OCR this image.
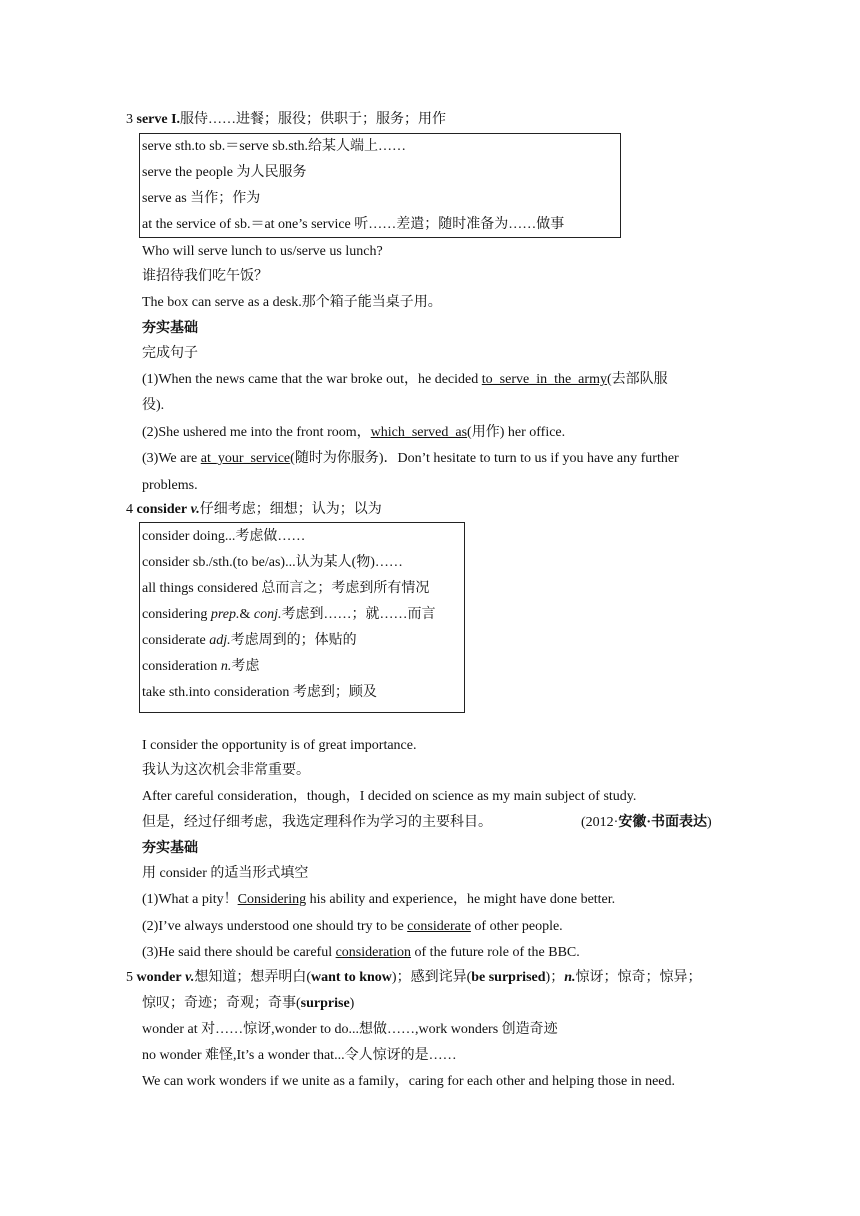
3 serve I.服侍……进餐；服役；供职于；服务；用作
serve sth.to sb.＝serve sb.sth.给某人端上……
serve the people 为人民服务
serve as 当作；作为
at the service of sb.＝at one’s service 听……差遣；随时准备为……做事
Who will serve lunch to us/serve us lunch?
谁招待我们吃午饭？
The box can serve as a desk.那个箱子能当桌子用。
夯实基础
完成句子
(1)When the news came that the war broke out，he decided to_serve_in_the_army(去部队服
役).
(2)She ushered me into the front room，which_served_as(用作) her office.
(3)We are at_your_service(随时为你服务)．Don’t hesitate to turn to us if you have any further
problems.
4 consider v.仔细考虑；细想；认为；以为
consider doing...考虑做……
consider sb./sth.(to be/as)...认为某人(物)……
all things considered 总而言之；考虑到所有情况
considering prep.& conj.考虑到……；就……而言
considerate adj.考虑周到的；体贴的
consideration n.考虑
take sth.into consideration 考虑到；顾及
I consider the opportunity is of great importance.
我认为这次机会非常重要。
After careful consideration，though，I decided on science as my main subject of study.
但是，经过仔细考虑，我选定理科作为学习的主要科目。	(2012·安徽·书面表达)
夯实基础
用 consider 的适当形式填空
(1)What a pity！Considering his ability and experience，he might have done better.
(2)I’ve always understood one should try to be considerate of other people.
(3)He said there should be careful consideration of the future role of the BBC.
5 wonder v.想知道；想弄明白(want to know)；感到诧异(be surprised)；n.惊讶；惊奇；惊异；
惊叹；奇迹；奇观；奇事(surprise)
wonder at 对……惊讶,wonder to do...想做……,work wonders 创造奇迹
no wonder 难怪,It’s a wonder that...令人惊讶的是……
We can work wonders if we unite as a family，caring for each other and helping those in need.
